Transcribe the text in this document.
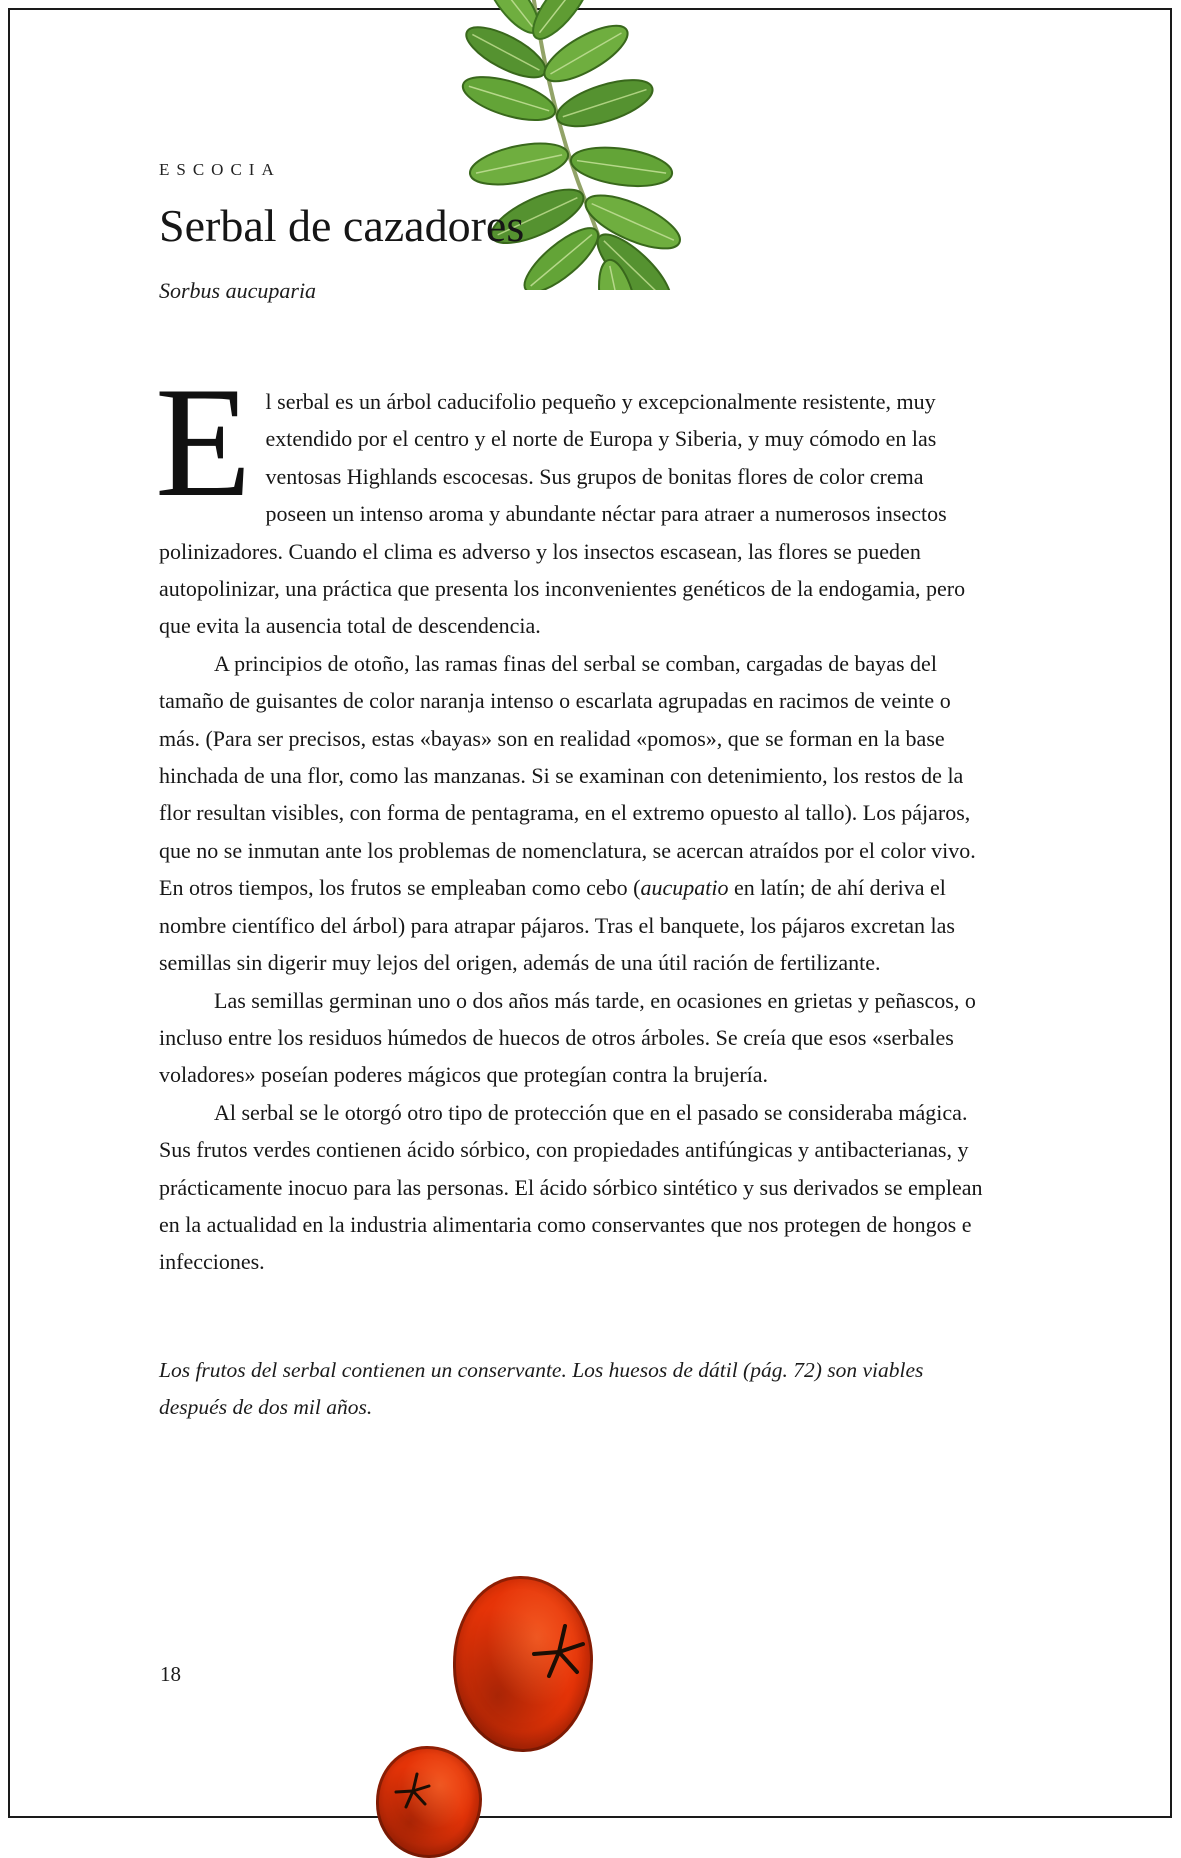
ESCOCIA
Serbal de cazadores
Sorbus aucuparia

El serbal es un árbol caducifolio pequeño y excepcionalmente resistente, muy extendido por el centro y el norte de Europa y Siberia, y muy cómodo en las ventosas Highlands escocesas. Sus grupos de bonitas flores de color crema poseen un intenso aroma y abundante néctar para atraer a numerosos insectos polinizadores. Cuando el clima es adverso y los insectos escasean, las flores se pueden autopolinizar, una práctica que presenta los inconvenientes genéticos de la endogamia, pero que evita la ausencia total de descendencia.

A principios de otoño, las ramas finas del serbal se comban, cargadas de bayas del tamaño de guisantes de color naranja intenso o escarlata agrupadas en racimos de veinte o más. (Para ser precisos, estas «bayas» son en realidad «pomos», que se forman en la base hinchada de una flor, como las manzanas. Si se examinan con detenimiento, los restos de la flor resultan visibles, con forma de pentagrama, en el extremo opuesto al tallo). Los pájaros, que no se inmutan ante los problemas de nomenclatura, se acercan atraídos por el color vivo. En otros tiempos, los frutos se empleaban como cebo (aucupatio en latín; de ahí deriva el nombre científico del árbol) para atrapar pájaros. Tras el banquete, los pájaros excretan las semillas sin digerir muy lejos del origen, además de una útil ración de fertilizante.

Las semillas germinan uno o dos años más tarde, en ocasiones en grietas y peñascos, o incluso entre los residuos húmedos de huecos de otros árboles. Se creía que esos «serbales voladores» poseían poderes mágicos que protegían contra la brujería.

Al serbal se le otorgó otro tipo de protección que en el pasado se consideraba mágica. Sus frutos verdes contienen ácido sórbico, con propiedades antifúngicas y antibacterianas, y prácticamente inocuo para las personas. El ácido sórbico sintético y sus derivados se emplean en la actualidad en la industria alimentaria como conservantes que nos protegen de hongos e infecciones.

Los frutos del serbal contienen un conservante. Los huesos de dátil (pág. 72) son viables después de dos mil años.
18
